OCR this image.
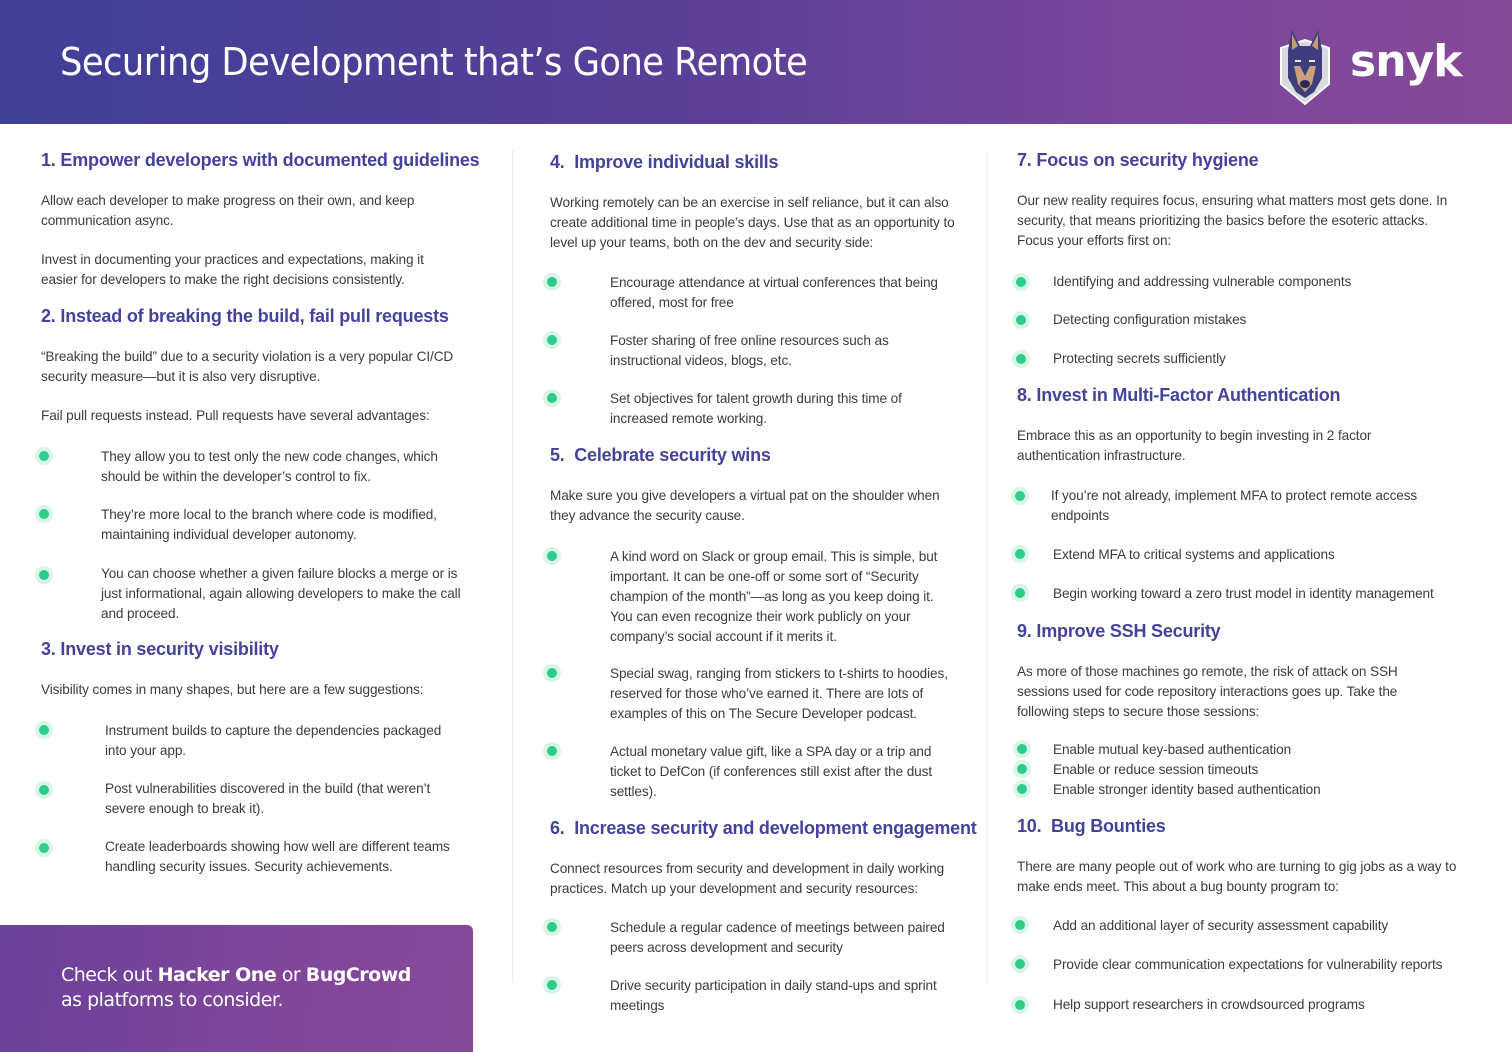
Securing Development that’s Gone Remote	snyk
1. Empower developers with documented guidelines
Allow each developer to make progress on their own, and keep communication async.
Invest in documenting your practices and expectations, making it easier for developers to make the right decisions consistently.
2. Instead of breaking the build, fail pull requests
“Breaking the build” due to a security violation is a very popular CI/CD security measure—but it is also very disruptive.
Fail pull requests instead. Pull requests have several advantages:
They allow you to test only the new code changes, which should be within the developer’s control to fix.
They’re more local to the branch where code is modified, maintaining individual developer autonomy.
You can choose whether a given failure blocks a merge or is just informational, again allowing developers to make the call and proceed.
3. Invest in security visibility
Visibility comes in many shapes, but here are a few suggestions:
Instrument builds to capture the dependencies packaged into your app.
Post vulnerabilities discovered in the build (that weren’t severe enough to break it).
Create leaderboards showing how well are different teams handling security issues. Security achievements.
Check out Hacker One or BugCrowd
as platforms to consider.
4.  Improve individual skills
Working remotely can be an exercise in self reliance, but it can also create additional time in people’s days. Use that as an opportunity to level up your teams, both on the dev and security side:
Encourage attendance at virtual conferences that being offered, most for free
Foster sharing of free online resources such as instructional videos, blogs, etc.
Set objectives for talent growth during this time of increased remote working.
5.  Celebrate security wins
Make sure you give developers a virtual pat on the shoulder when they advance the security cause.
A kind word on Slack or group email. This is simple, but important. It can be one-off or some sort of “Security champion of the month”—as long as you keep doing it. You can even recognize their work publicly on your company’s social account if it merits it.
Special swag, ranging from stickers to t-shirts to hoodies, reserved for those who’ve earned it. There are lots of examples of this on The Secure Developer podcast.
Actual monetary value gift, like a SPA day or a trip and ticket to DefCon (if conferences still exist after the dust settles).
6.  Increase security and development engagement
Connect resources from security and development in daily working practices. Match up your development and security resources:
Schedule a regular cadence of meetings between paired peers across development and security
Drive security participation in daily stand-ups and sprint meetings
7. Focus on security hygiene
Our new reality requires focus, ensuring what matters most gets done. In security, that means prioritizing the basics before the esoteric attacks. Focus your efforts first on:
Identifying and addressing vulnerable components
Detecting configuration mistakes
Protecting secrets sufficiently
8. Invest in Multi-Factor Authentication
Embrace this as an opportunity to begin investing in 2 factor authentication infrastructure.
If you’re not already, implement MFA to protect remote access endpoints
Extend MFA to critical systems and applications
Begin working toward a zero trust model in identity management
9. Improve SSH Security
As more of those machines go remote, the risk of attack on SSH sessions used for code repository interactions goes up. Take the following steps to secure those sessions:
Enable mutual key-based authentication
Enable or reduce session timeouts
Enable stronger identity based authentication
10.  Bug Bounties
There are many people out of work who are turning to gig jobs as a way to make ends meet. This about a bug bounty program to:
Add an additional layer of security assessment capability
Provide clear communication expectations for vulnerability reports
Help support researchers in crowdsourced programs
